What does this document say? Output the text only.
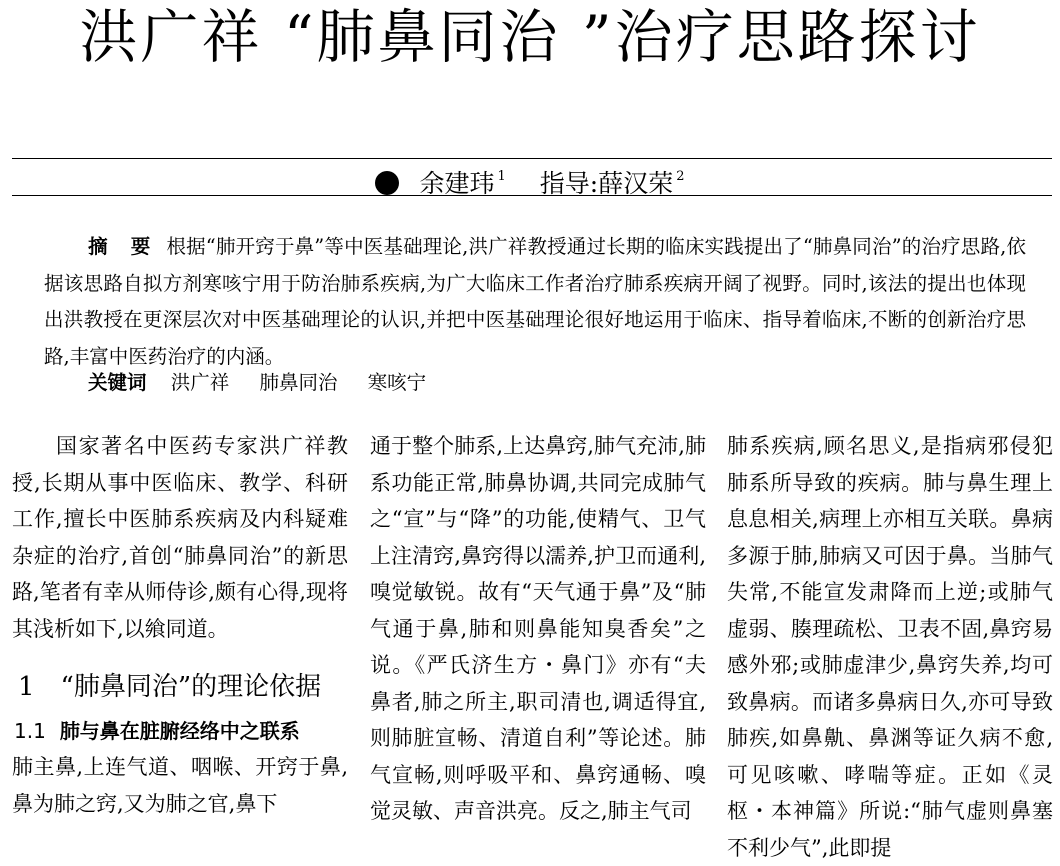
洪广祥 “肺鼻同治 ”治疗思路探讨
余建玮 $^1$ 指导:薛汉荣 $^2$
摘 要 根据“肺开窍于鼻”等中医基础理论,洪广祥教授通过长期的临床实践提出了“肺鼻同治”的治疗思路,依据该思路自拟方剂寒咳宁用于防治肺系疾病,为广大临床工作者治疗肺系疾病开阔了视野。同时,该法的提出也体现出洪教授在更深层次对中医基础理论的认识,并把中医基础理论很好地运用于临床、指导着临床,不断的创新治疗思路,丰富中医药治疗的内涵。
关键词 洪广祥 肺鼻同治 寒咳宁

国家著名中医药专家洪广祥教授,长期从事中医临床、教学、科研工作,擅长中医肺系疾病及内科疑难杂症的治疗,首创“肺鼻同治”的新思路,笔者有幸从师侍诊,颇有心得,现将其浅析如下,以飨同道。

1 “肺鼻同治”的理论依据
1.1 肺与鼻在脏腑经络中之联系

肺主鼻,上连气道、咽喉、开窍于鼻,鼻为肺之窍,又为肺之官,鼻下

通于整个肺系,上达鼻窍,肺气充沛,肺系功能正常,肺鼻协调,共同完成肺气之“宣”与“降”的功能,使精气、卫气上注清窍,鼻窍得以濡养,护卫而通利,嗅觉敏锐。故有“天气通于鼻”及“肺气通于鼻,肺和则鼻能知臭香矣”之说。《严氏济生方・鼻门》亦有“夫鼻者,肺之所主,职司清也,调适得宜,则肺脏宣畅、清道自利”等论述。肺气宣畅,则呼吸平和、鼻窍通畅、嗅觉灵敏、声音洪亮。反之,肺主气司

肺系疾病,顾名思义,是指病邪侵犯肺系所导致的疾病。肺与鼻生理上息息相关,病理上亦相互关联。鼻病多源于肺,肺病又可因于鼻。当肺气失常,不能宣发肃降而上逆;或肺气虚弱、腠理疏松、卫表不固,鼻窍易感外邪;或肺虚津少,鼻窍失养,均可致鼻病。而诸多鼻病日久,亦可导致肺疾,如鼻鼽、鼻渊等证久病不愈,可见咳嗽、哮喘等症。正如《灵枢・本神篇》所说:“肺气虚则鼻塞不利少气”,此即提
